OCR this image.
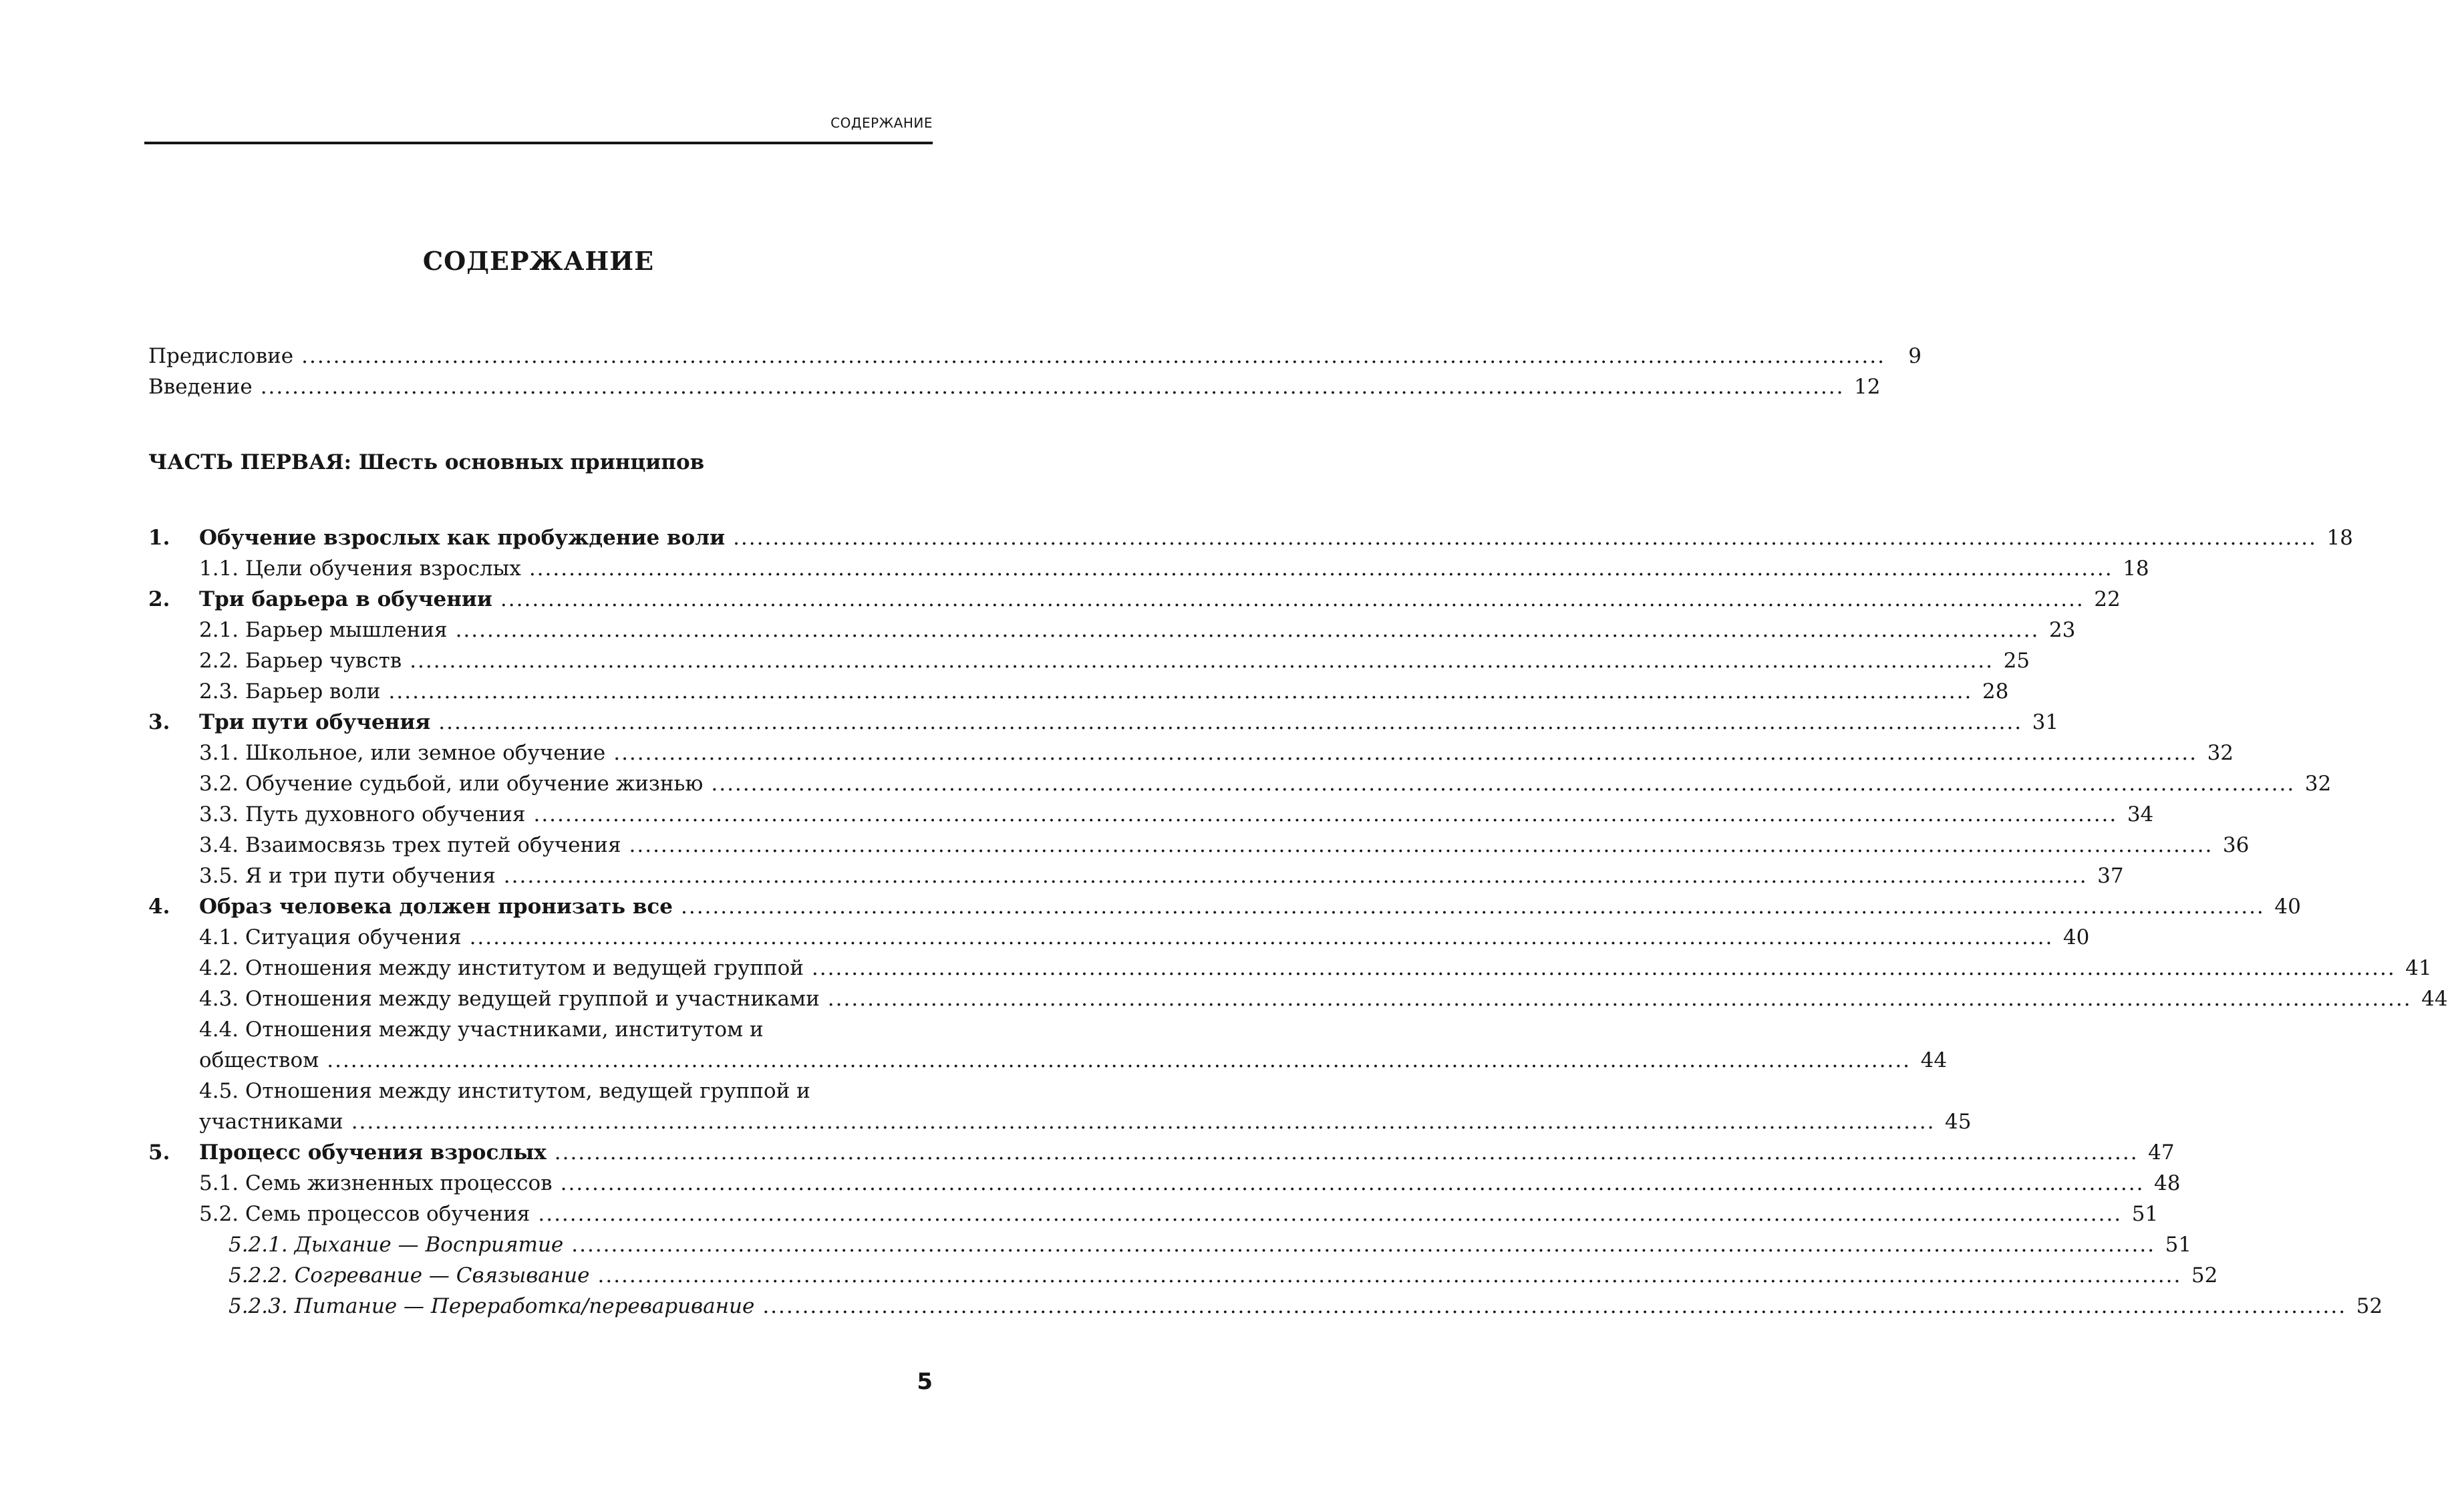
СОДЕРЖАНИЕ
СОДЕРЖАНИЕ
Предисловие ........................................................................................................................................................................................................	9
Введение ........................................................................................................................................................................................................ 12
ЧАСТЬ ПЕРВАЯ: Шесть основных принципов
1. Обучение взрослых как пробуждение воли ........................................................................................................................................................................................................ 18
1.1. Цели обучения взрослых ........................................................................................................................................................................................................ 18
2. Три барьера в обучении ........................................................................................................................................................................................................ 22
2.1. Барьер мышления ........................................................................................................................................................................................................ 23
2.2. Барьер чувств ........................................................................................................................................................................................................ 25
2.3. Барьер воли ........................................................................................................................................................................................................ 28
3. Три пути обучения ........................................................................................................................................................................................................ 31
3.1. Школьное, или земное обучение ........................................................................................................................................................................................................ 32
3.2. Обучение судьбой, или обучение жизнью ........................................................................................................................................................................................................ 32
3.3. Путь духовного обучения ........................................................................................................................................................................................................ 34
3.4. Взаимосвязь трех путей обучения ........................................................................................................................................................................................................ 36
3.5. Я и три пути обучения ........................................................................................................................................................................................................ 37
4. Образ человека должен пронизать все ........................................................................................................................................................................................................ 40
4.1. Ситуация обучения ........................................................................................................................................................................................................ 40
4.2. Отношения между институтом и ведущей группой ........................................................................................................................................................................................................ 41
4.3. Отношения между ведущей группой и участниками ........................................................................................................................................................................................................ 44
4.4. Отношения между участниками, институтом и
обществом ........................................................................................................................................................................................................ 44
4.5. Отношения между институтом, ведущей группой и
участниками ........................................................................................................................................................................................................ 45
5. Процесс обучения взрослых ........................................................................................................................................................................................................ 47
5.1. Семь жизненных процессов ........................................................................................................................................................................................................ 48
5.2. Семь процессов обучения ........................................................................................................................................................................................................ 51
5.2.1. Дыхание — Восприятие ........................................................................................................................................................................................................ 51
5.2.2. Согревание — Связывание ........................................................................................................................................................................................................ 52
5.2.3. Питание — Переработка/переваривание ........................................................................................................................................................................................................ 52
5
